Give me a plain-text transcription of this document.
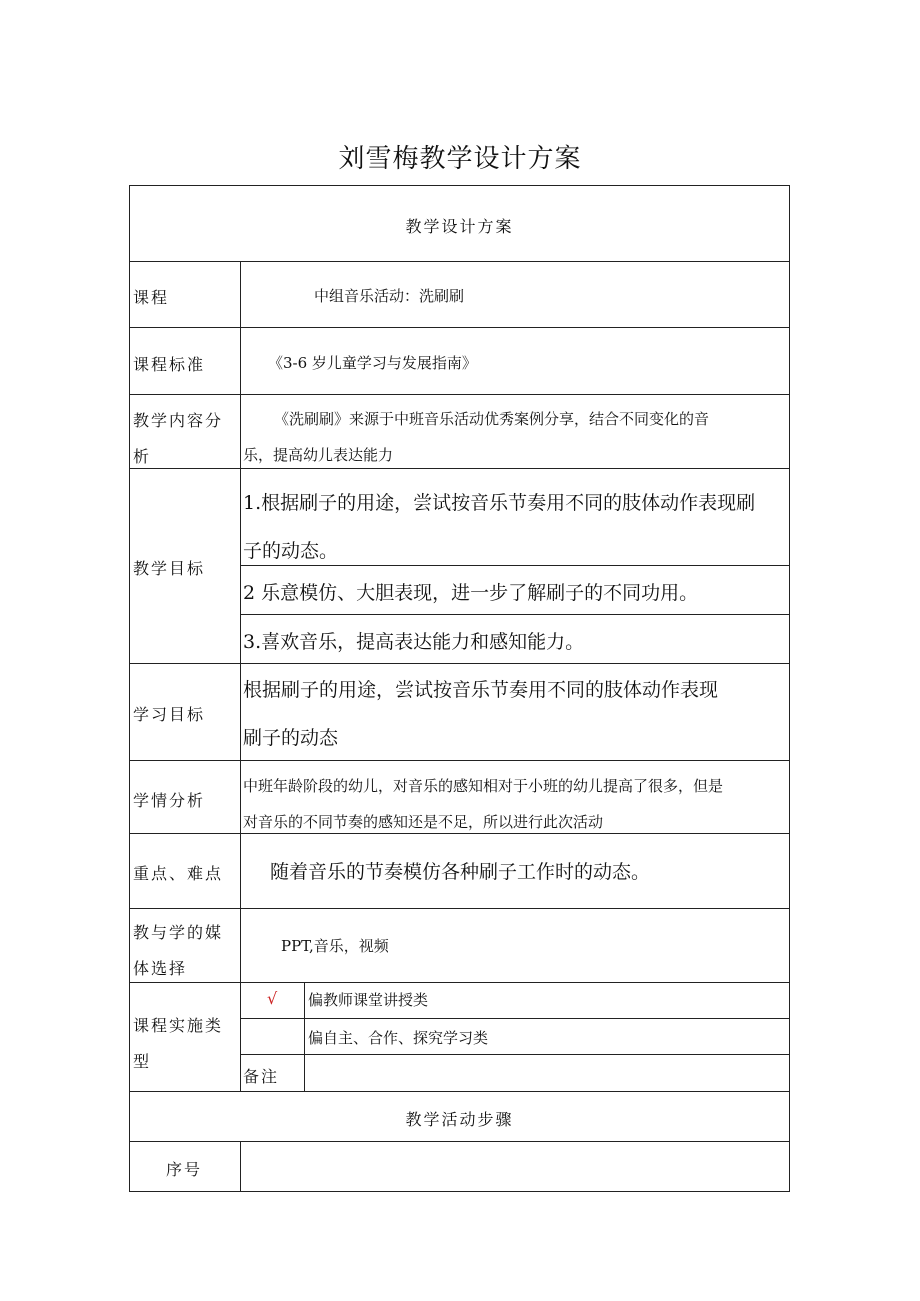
刘雪梅教学设计方案
教学设计方案
课程	中组音乐活动：洗刷刷
课程标准	《3-6 岁儿童学习与发展指南》
教学内容分
析
《洗刷刷》来源于中班音乐活动优秀案例分享，结合不同变化的音
乐，提高幼儿表达能力
教学目标
1.根据刷子的用途，尝试按音乐节奏用不同的肢体动作表现刷
子的动态。
2 乐意模仿、大胆表现，进一步了解刷子的不同功用。
3.喜欢音乐，提高表达能力和感知能力。
学习目标
根据刷子的用途，尝试按音乐节奏用不同的肢体动作表现
刷子的动态
学情分析
中班年龄阶段的幼儿，对音乐的感知相对于小班的幼儿提高了很多，但是
对音乐的不同节奏的感知还是不足，所以进行此次活动
重点、难点 随着音乐的节奏模仿各种刷子工作时的动态。
教与学的媒
体选择
PPT,音乐，视频
课程实施类
型
√ 偏教师课堂讲授类
偏自主、合作、探究学习类
备注
教学活动步骤
序号
